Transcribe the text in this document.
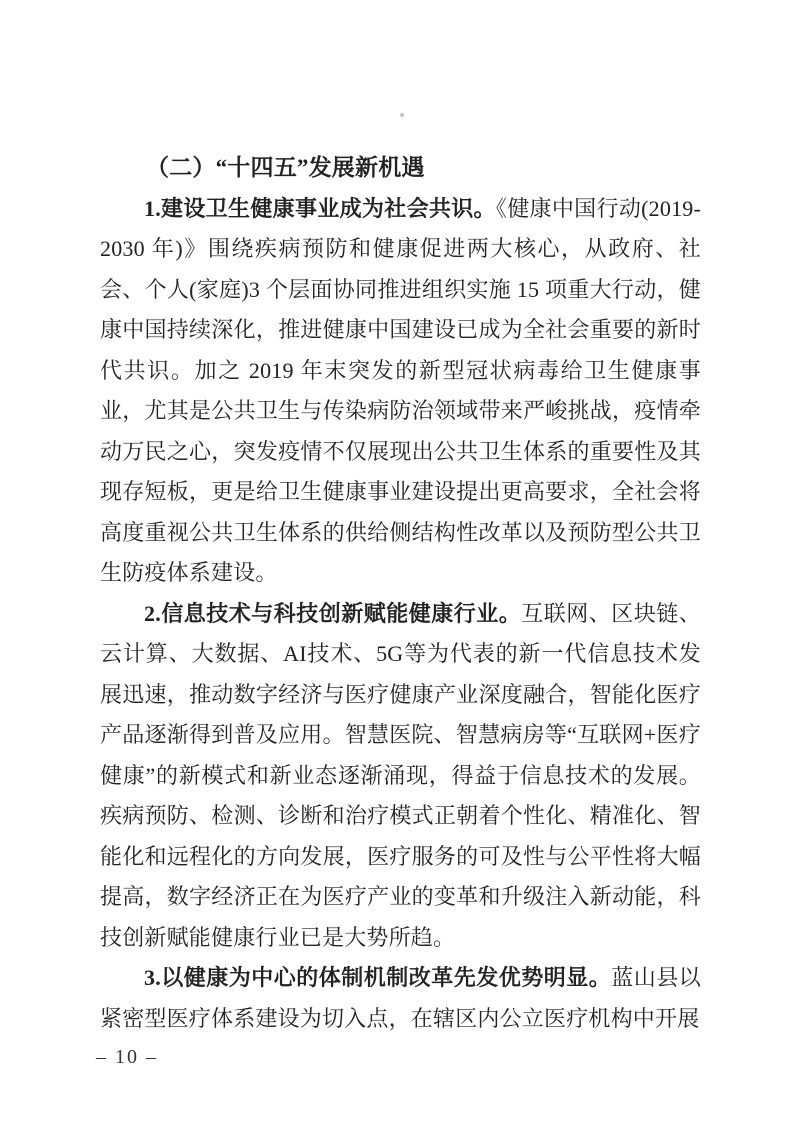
（二）“十四五”发展新机遇

1.建设卫生健康事业成为社会共识。《健康中国行动(2019-2030 年)》围绕疾病预防和健康促进两大核心，从政府、社会、个人(家庭)3 个层面协同推进组织实施 15 项重大行动，健康中国持续深化，推进健康中国建设已成为全社会重要的新时代共识。加之 2019 年末突发的新型冠状病毒给卫生健康事业，尤其是公共卫生与传染病防治领域带来严峻挑战，疫情牵动万民之心，突发疫情不仅展现出公共卫生体系的重要性及其现存短板，更是给卫生健康事业建设提出更高要求，全社会将高度重视公共卫生体系的供给侧结构性改革以及预防型公共卫生防疫体系建设。

2.信息技术与科技创新赋能健康行业。互联网、区块链、云计算、大数据、AI技术、5G等为代表的新一代信息技术发展迅速，推动数字经济与医疗健康产业深度融合，智能化医疗产品逐渐得到普及应用。智慧医院、智慧病房等“互联网+医疗健康”的新模式和新业态逐渐涌现，得益于信息技术的发展。疾病预防、检测、诊断和治疗模式正朝着个性化、精准化、智能化和远程化的方向发展，医疗服务的可及性与公平性将大幅提高，数字经济正在为医疗产业的变革和升级注入新动能，科技创新赋能健康行业已是大势所趋。

3.以健康为中心的体制机制改革先发优势明显。蓝山县以紧密型医疗体系建设为切入点，在辖区内公立医疗机构中开展

– 10 –
